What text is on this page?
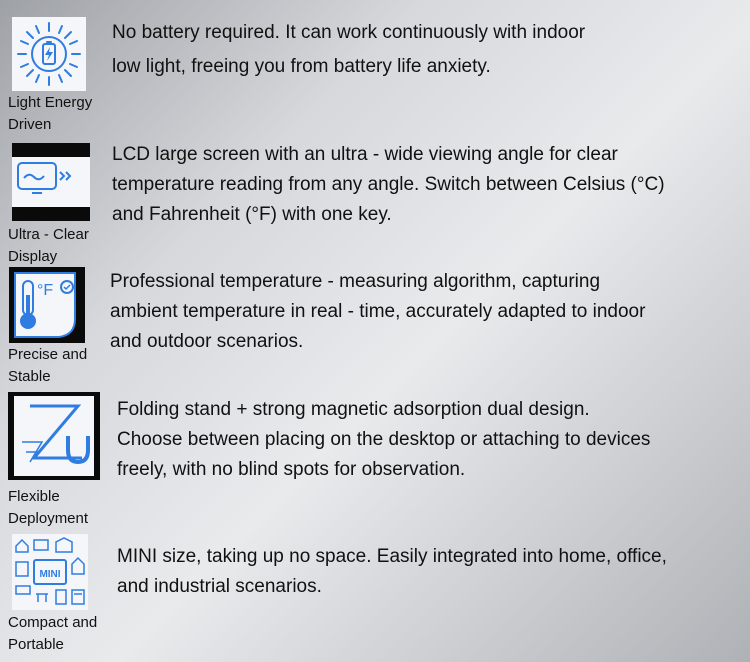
Light Energy
Driven
No battery required. It can work continuously with indoor
low light, freeing you from battery life anxiety.
Ultra - Clear
Display
LCD large screen with an ultra - wide viewing angle for clear
temperature reading from any angle. Switch between Celsius (°C)
and Fahrenheit (°F) with one key.
°F
Precise and
Stable
Professional temperature - measuring algorithm, capturing
ambient temperature in real - time, accurately adapted to indoor
and outdoor scenarios.
Flexible
Deployment
Folding stand + strong magnetic adsorption dual design.
Choose between placing on the desktop or attaching to devices
freely, with no blind spots for observation.
MINI
Compact and
Portable
MINI size, taking up no space. Easily integrated into home, office,
and industrial scenarios.
